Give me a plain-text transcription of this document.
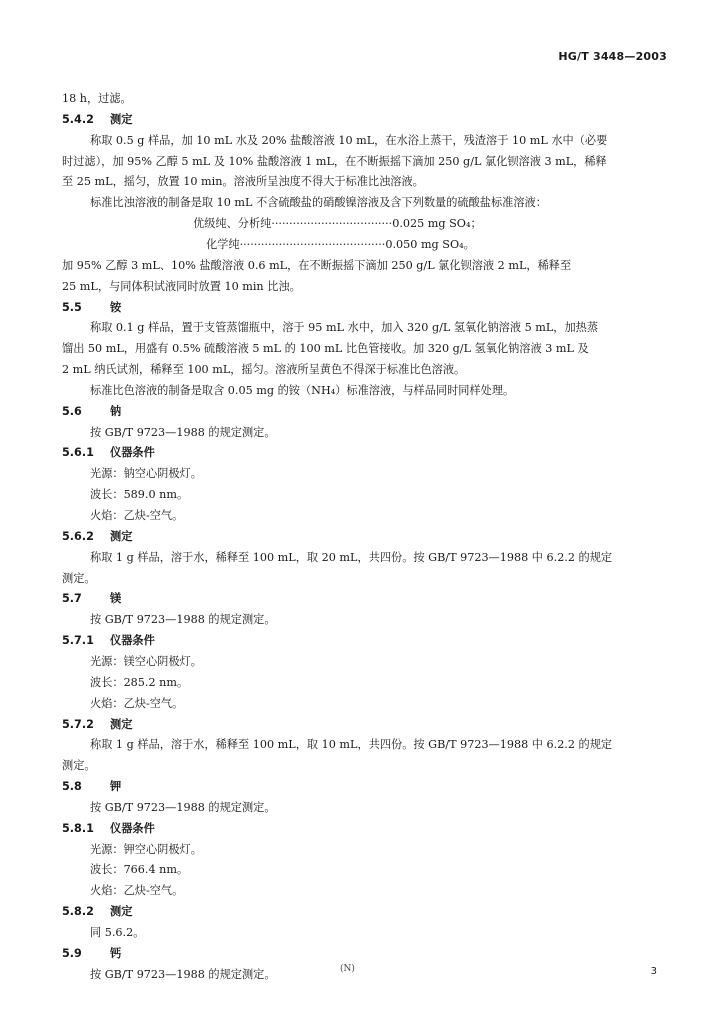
HG/T 3448—2003
18 h，过滤。
5.4.2 测定
称取 0.5 g 样品，加 10 mL 水及 20% 盐酸溶液 10 mL，在水浴上蒸干，残渣溶于 10 mL 水中（必要
时过滤），加 95% 乙醇 5 mL 及 10% 盐酸溶液 1 mL，在不断振摇下滴加 250 g/L 氯化钡溶液 3 mL，稀释
至 25 mL，摇匀，放置 10 min。溶液所呈浊度不得大于标准比浊溶液。
标准比浊溶液的制备是取 10 mL 不含硫酸盐的硝酸镍溶液及含下列数量的硫酸盐标准溶液：
优级纯、分析纯··································0.025 mg SO₄；
化学纯·········································0.050 mg SO₄。
加 95% 乙醇 3 mL、10% 盐酸溶液 0.6 mL，在不断振摇下滴加 250 g/L 氯化钡溶液 2 mL，稀释至
25 mL，与同体积试液同时放置 10 min 比浊。
5.5	铵
称取 0.1 g 样品，置于支管蒸馏瓶中，溶于 95 mL 水中，加入 320 g/L 氢氧化钠溶液 5 mL，加热蒸
馏出 50 mL，用盛有 0.5% 硫酸溶液 5 mL 的 100 mL 比色管接收。加 320 g/L 氢氧化钠溶液 3 mL 及
2 mL 纳氏试剂，稀释至 100 mL，摇匀。溶液所呈黄色不得深于标准比色溶液。
标准比色溶液的制备是取含 0.05 mg 的铵（NH₄）标准溶液，与样品同时同样处理。
5.6	钠
按 GB/T 9723—1988 的规定测定。
5.6.1 仪器条件
光源：钠空心阴极灯。
波长：589.0 nm。
火焰：乙炔-空气。
5.6.2 测定
称取 1 g 样品，溶于水，稀释至 100 mL，取 20 mL，共四份。按 GB/T 9723—1988 中 6.2.2 的规定
测定。
5.7	镁
按 GB/T 9723—1988 的规定测定。
5.7.1 仪器条件
光源：镁空心阴极灯。
波长：285.2 nm。
火焰：乙炔-空气。
5.7.2 测定
称取 1 g 样品，溶于水，稀释至 100 mL，取 10 mL，共四份。按 GB/T 9723—1988 中 6.2.2 的规定
测定。
5.8	钾
按 GB/T 9723—1988 的规定测定。
5.8.1 仪器条件
光源：钾空心阴极灯。
波长：766.4 nm。
火焰：乙炔-空气。
5.8.2 测定
同 5.6.2。
5.9	钙
按 GB/T 9723—1988 的规定测定。	(N)	3
